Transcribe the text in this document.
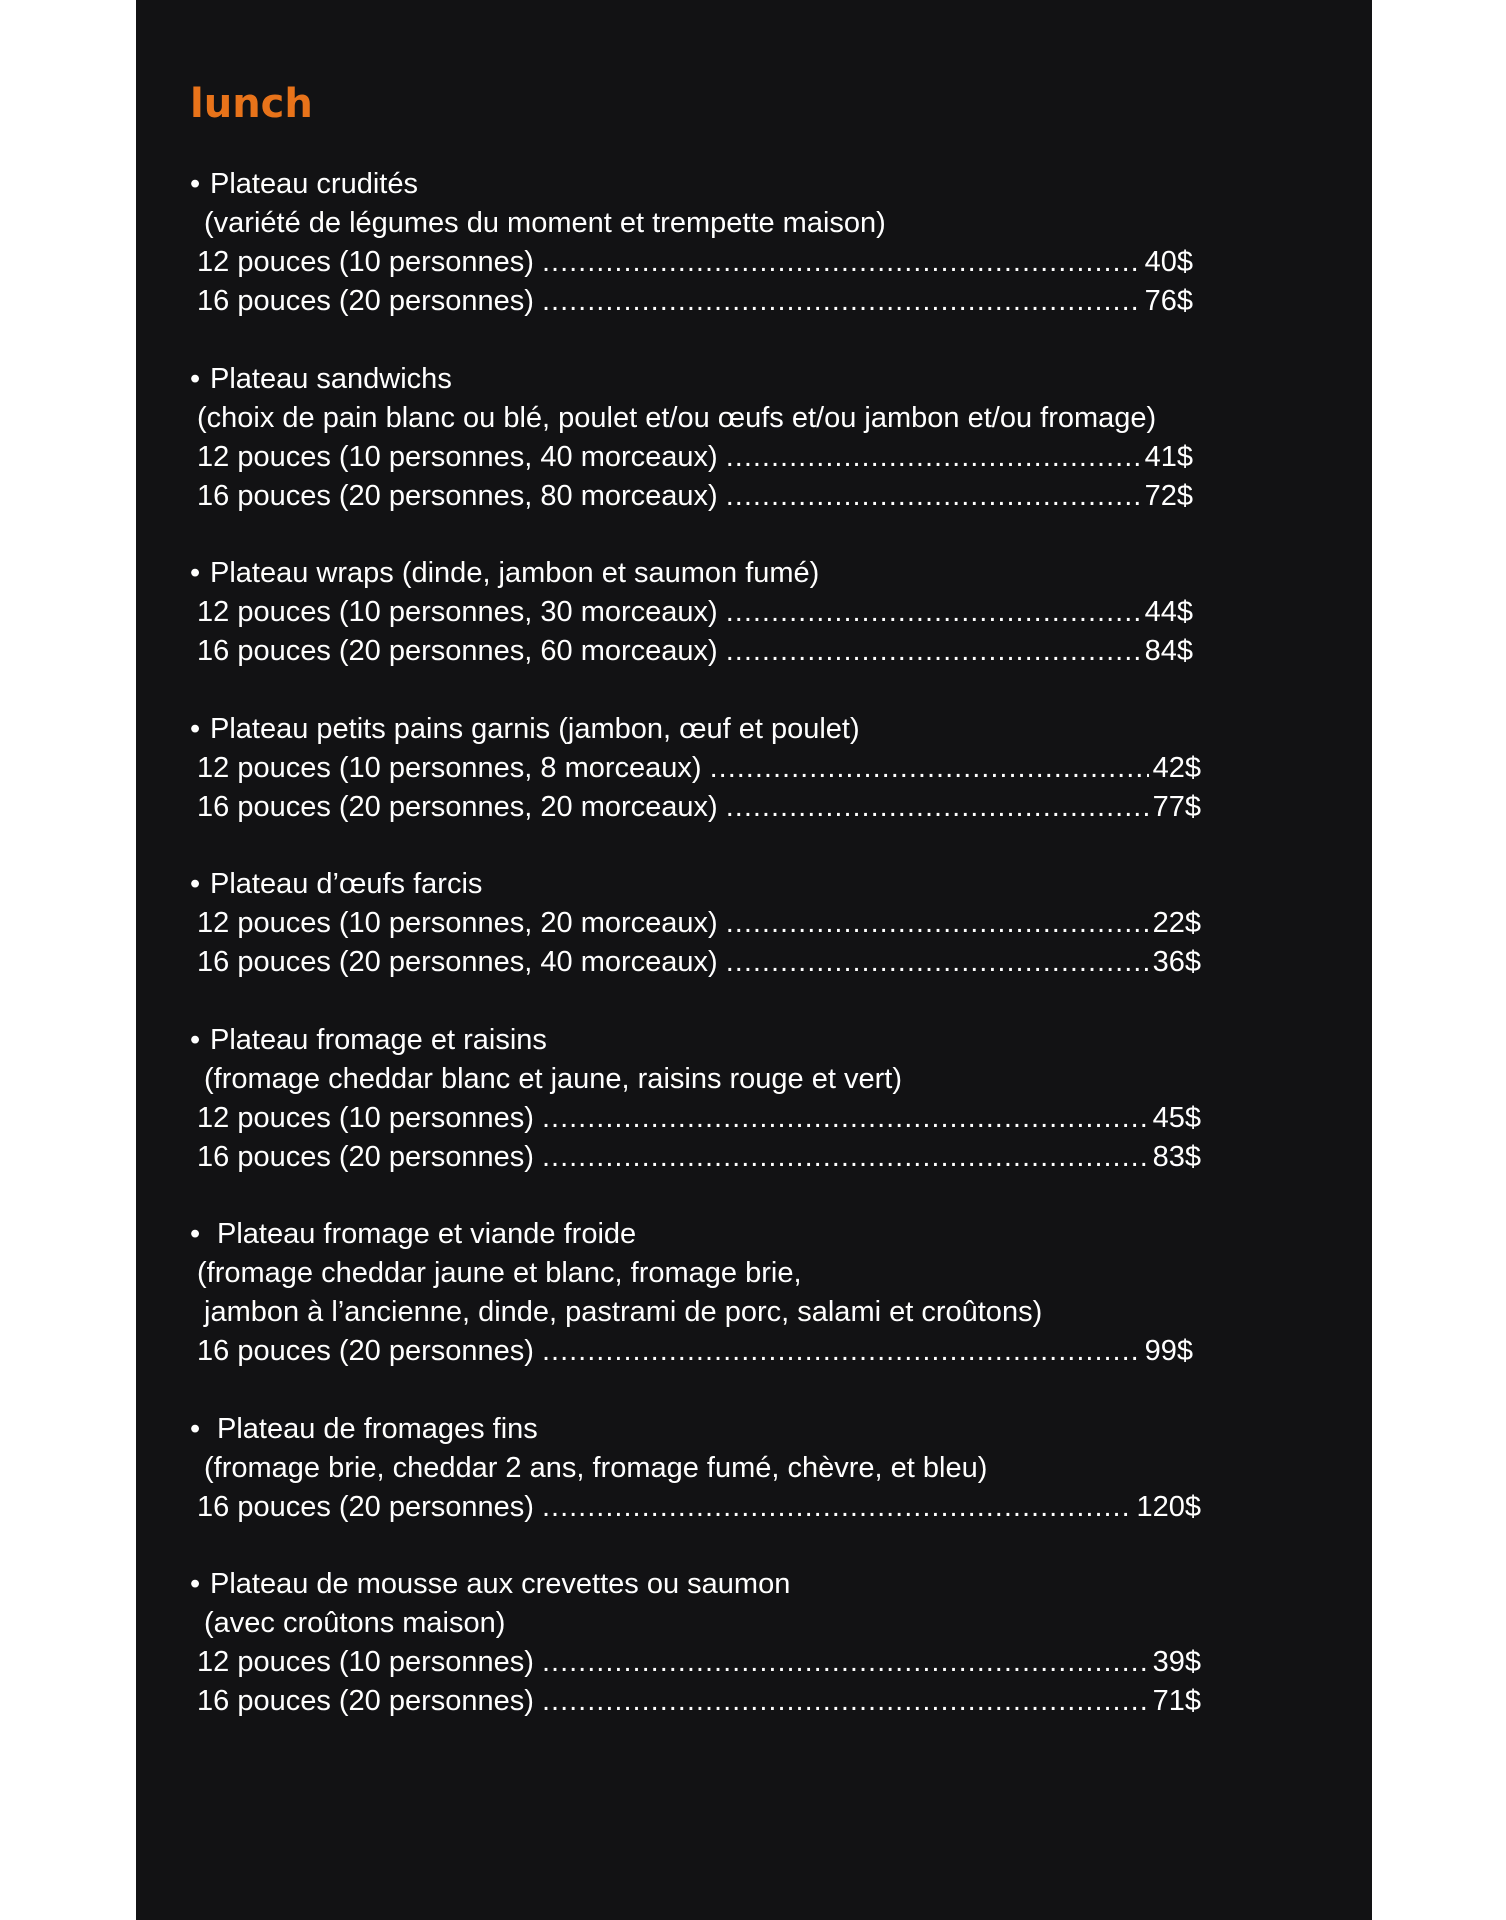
lunch
• Plateau crudités
(variété de légumes du moment et trempette maison)
12 pouces (10 personnes) .....	40$
16 pouces (20 personnes) .....	76$
• Plateau sandwichs
(choix de pain blanc ou blé, poulet et/ou œufs et/ou jambon et/ou fromage)
12 pouces (10 personnes, 40 morceaux) .....	41$
16 pouces (20 personnes, 80 morceaux) .....	72$
• Plateau wraps (dinde, jambon et saumon fumé)
12 pouces (10 personnes, 30 morceaux) .....	44$
16 pouces (20 personnes, 60 morceaux) .....	84$
• Plateau petits pains garnis (jambon, œuf et poulet)
12 pouces (10 personnes, 8 morceaux) .....	42$
16 pouces (20 personnes, 20 morceaux) .....	77$
• Plateau d’œufs farcis
12 pouces (10 personnes, 20 morceaux) .....	22$
16 pouces (20 personnes, 40 morceaux) .....	36$
• Plateau fromage et raisins
(fromage cheddar blanc et jaune, raisins rouge et vert)
12 pouces (10 personnes) .....	45$
16 pouces (20 personnes) .....	83$
• Plateau fromage et viande froide
(fromage cheddar jaune et blanc, fromage brie,
jambon à l’ancienne, dinde, pastrami de porc, salami et croûtons)
16 pouces (20 personnes) .....	99$
• Plateau de fromages fins
(fromage brie, cheddar 2 ans, fromage fumé, chèvre, et bleu)
16 pouces (20 personnes) .....	120$
• Plateau de mousse aux crevettes ou saumon
(avec croûtons maison)
12 pouces (10 personnes) .....	39$
16 pouces (20 personnes) .....	71$
